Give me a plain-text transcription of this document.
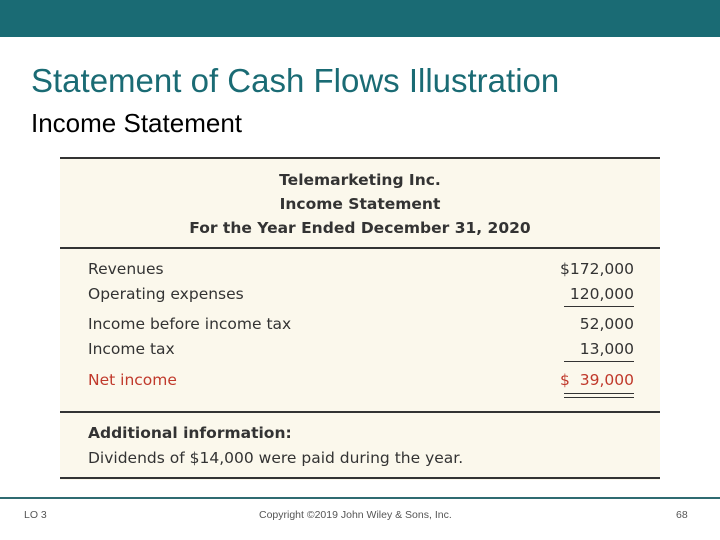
Statement of Cash Flows Illustration
Income Statement
Telemarketing Inc.
Income Statement
For the Year Ended December 31, 2020
Revenues	$172,000
Operating expenses	120,000
Income before income tax	52,000
Income tax	13,000
Net income	$  39,000
Additional information:
Dividends of $14,000 were paid during the year.
LO 3	Copyright ©2019 John Wiley & Sons, Inc.	68
